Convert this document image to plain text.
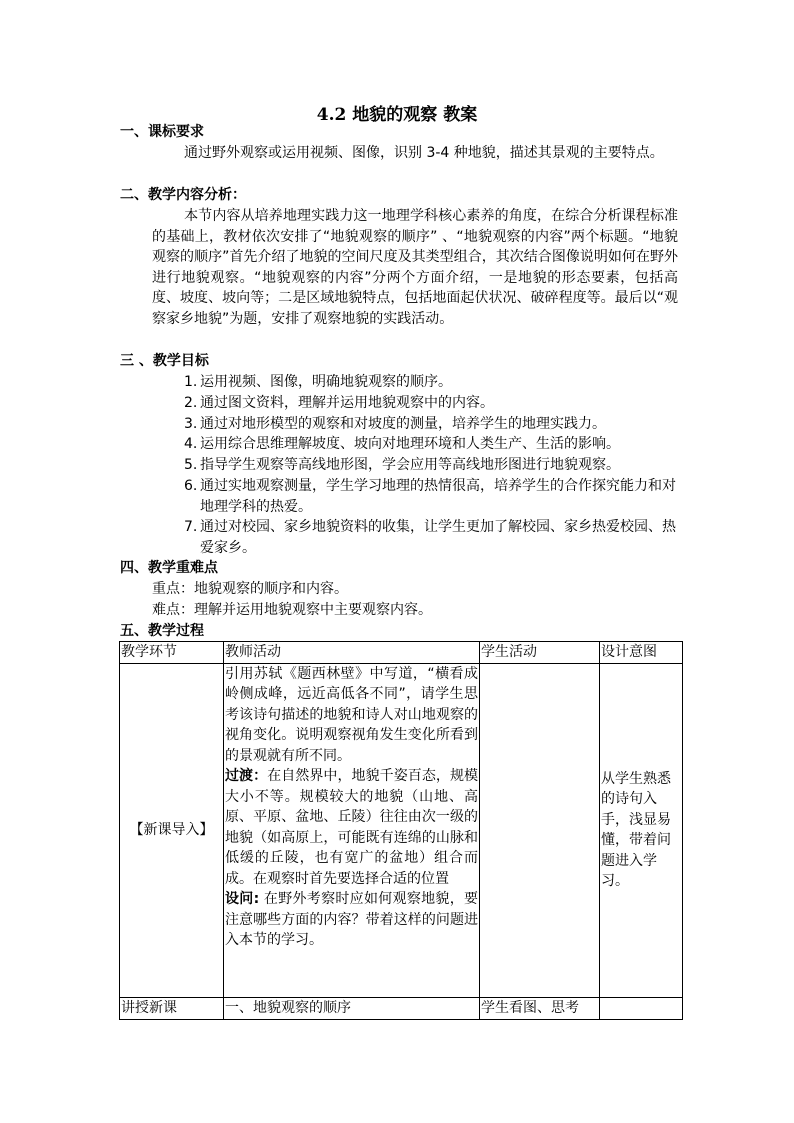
4.2 地貌的观察 教案
一、课标要求
通过野外观察或运用视频、图像，识别 3-4 种地貌，描述其景观的主要特点。
二、教学内容分析：
本节内容从培养地理实践力这一地理学科核心素养的角度，在综合分析课程标准的基础上，教材依次安排了“地貌观察的顺序” 、“地貌观察的内容”两个标题。“地貌观察的顺序”首先介绍了地貌的空间尺度及其类型组合，其次结合图像说明如何在野外进行地貌观察。“地貌观察的内容”分两个方面介绍，一是地貌的形态要素，包括高度、坡度、坡向等；二是区域地貌特点，包括地面起伏状况、破碎程度等。最后以“观察家乡地貌”为题，安排了观察地貌的实践活动。
三 、教学目标
1. 运用视频、图像，明确地貌观察的顺序。
2. 通过图文资料，理解并运用地貌观察中的内容。
3. 通过对地形模型的观察和对坡度的测量，培养学生的地理实践力。
4. 运用综合思维理解坡度、坡向对地理环境和人类生产、生活的影响。
5. 指导学生观察等高线地形图，学会应用等高线地形图进行地貌观察。
6. 通过实地观察测量，学生学习地理的热情很高，培养学生的合作探究能力和对地理学科的热爱。
7. 通过对校园、家乡地貌资料的收集，让学生更加了解校园、家乡热爱校园、热爱家乡。
四、教学重难点
重点：地貌观察的顺序和内容。
难点：理解并运用地貌观察中主要观察内容。
五、教学过程
教学环节	教师活动	学生活动	设计意图
【新课导入】	引用苏轼《题西林壁》中写道，“横看成岭侧成峰，远近高低各不同”，请学生思考该诗句描述的地貌和诗人对山地观察的视角变化。说明观察视角发生变化所看到的景观就有所不同。
过渡：在自然界中，地貌千姿百态，规模大小不等。规模较大的地貌（山地、高原、平原、盆地、丘陵）往往由次一级的地貌（如高原上，可能既有连绵的山脉和低缓的丘陵，也有宽广的盆地）组合而成。在观察时首先要选择合适的位置
设问: 在野外考察时应如何观察地貌，要注意哪些方面的内容？带着这样的问题进入本节的学习。		从学生熟悉的诗句入手，浅显易懂，带着问题进入学习。
讲授新课	一、地貌观察的顺序	学生看图、思考	
